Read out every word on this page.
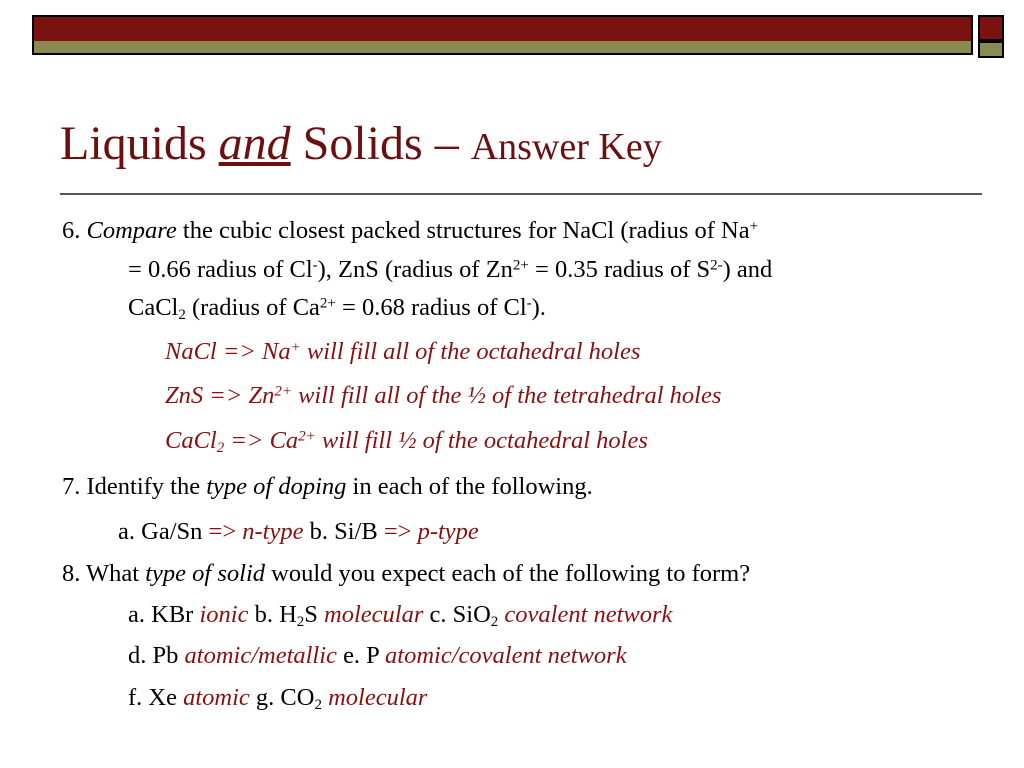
Liquids and Solids – Answer Key
6. Compare the cubic closest packed structures for NaCl (radius of Na+
= 0.66 radius of Cl-), ZnS (radius of $Zn^{2+} = 0.35$ radius of $S^{2-}$) and
CaCl$_2$ (radius of $Ca^{2+} = 0.68$ radius of Cl-).
NaCl => Na+ will fill all of the octahedral holes
ZnS => $Zn^{2+}$ will fill all of the ½ of the tetrahedral holes
CaCl$_2$ => $Ca^{2+}$ will fill ½ of the octahedral holes
7. Identify the type of doping in each of the following.
a. Ga/Sn => n-type b. Si/B => p-type
8. What type of solid would you expect each of the following to form?
a. KBr ionic b. $H_2S$ molecular c. SiO$_2$ covalent network
d. Pb atomic/metallic e. P atomic/covalent network
f. Xe atomic g. $CO_2$ molecular
